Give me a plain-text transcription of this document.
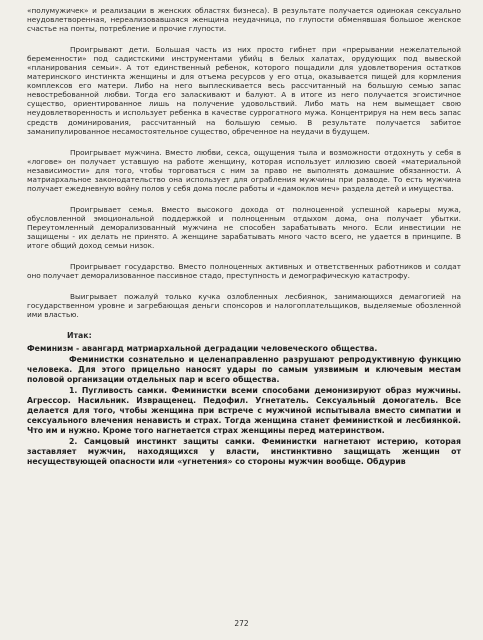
«полумужичек» и реализации в женских областях бизнеса). В результате получается одинокая сексуально неудовлетворенная, нереализовавшаяся женщина неудачница, по глупости обменявшая большое женское счастье на понты, потребление и прочие глупости.

Проигрывают дети. Большая часть из них просто гибнет при «прерывании нежелательной беременности» под садистскими инструментами убийц в белых халатах, орудующих под вывеской «планирования семьи». А тот единственный ребенок, которого пощадили для удовлетворения остатков материнского инстинкта женщины и для отъема ресурсов у его отца, оказывается пищей для кормления комплексов его матери. Либо на него выплескивается весь рассчитанный на большую семью запас невостребованной любви. Тогда его залаcкивают и балуют. А в итоге из него получается эгоистичное существо, ориентированное лишь на получение удовольствий. Либо мать на нем вымещает свою неудовлетворенность и использует ребенка в качестве суррогатного мужа. Концентрируя на нем весь запас средств доминирования, рассчитанный на большую семью. В результате получается забитое заманипулированное несамостоятельное существо, обреченное на неудачи в будущем.

Проигрывает мужчина. Вместо любви, секса, ощущения тыла и возможности отдохнуть у себя в «логове» он получает уставшую на работе женщину, которая использует иллюзию своей «материальной независимости» для того, чтобы торговаться с ним за право не выполнять домашние обязанности. А матриархальное законодательство она использует для ограбления мужчины при разводе. То есть мужчина получает ежедневную войну полов у себя дома после работы и «дамоклов меч» раздела детей и имущества.

Проигрывает семья. Вместо высокого дохода от полноценной успешной карьеры мужа, обусловленной эмоциональной поддержкой и полноценным отдыхом дома, она получает убытки. Переутомленный деморализованный мужчина не способен зарабатывать много. Если инвестиции не защищены - их делать не принято. А женщине зарабатывать много часто всего, не удается в принципе. В итоге общий доход семьи низок.

Проигрывает государство. Вместо полноценных активных и ответственных работников и солдат оно получает деморализованное пассивное стадо, преступность и демографическую катастрофу.

Выигрывает пожалуй только кучка озлобленных лесбиянок, занимающихся демагогией на государственном уровне и загребающая деньги спонсоров и налогоплательщиков, выделяемые обозленной ими властью.

Итак:

Феминизм - авангард матриархальной деградации человеческого общества.

Феминистки сознательно и целенаправленно разрушают репродуктивную функцию человека. Для этого прицельно наносят удары по самым уязвимым и ключевым местам половой организации отдельных пар и всего общества.

1. Пугливость самки. Феминистки всеми способами демонизируют образ мужчины. Агрессор. Насильник. Извращенец. Педофил. Угнетатель. Сексуальный домогатель. Все делается для того, чтобы женщина при встрече с мужчиной испытывала вместо симпатии и сексуального влечения ненависть и страх. Тогда женщина станет феминисткой и лесбиянкой. Что им и нужно. Кроме того нагнетается страх женщины перед материнством.

2. Самцовый инстинкт защиты самки. Феминистки нагнетают истерию, которая заставляет мужчин, находящихся у власти, инстинктивно защищать женщин от несуществующей опасности или «угнетения» со стороны мужчин вообще. Обдурив

272
